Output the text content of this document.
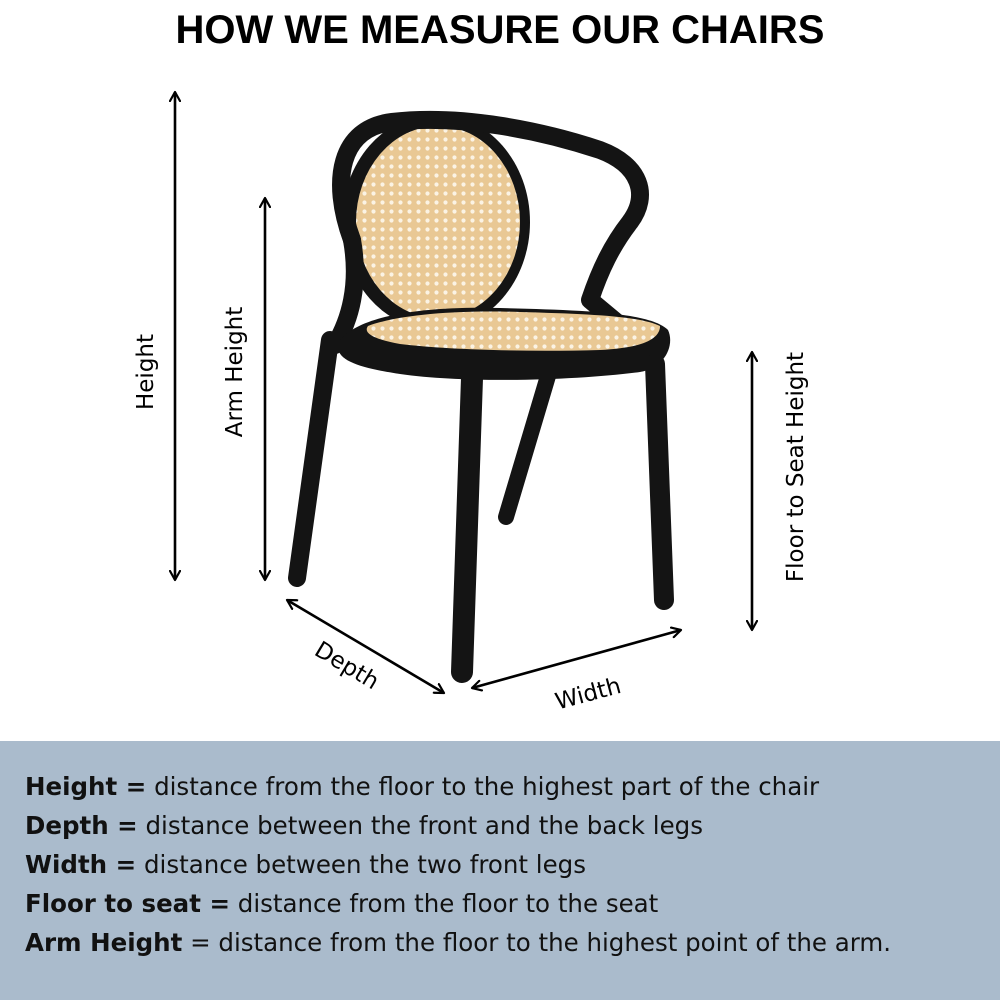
HOW WE MEASURE OUR CHAIRS
Height	Arm Height	Floor to Seat Height
Depth	Width
Height = distance from the floor to the highest part of the chair
Depth = distance between the front and the back legs
Width = distance between the two front legs
Floor to seat = distance from the floor to the seat
Arm Height = distance from the floor to the highest point of the arm.
